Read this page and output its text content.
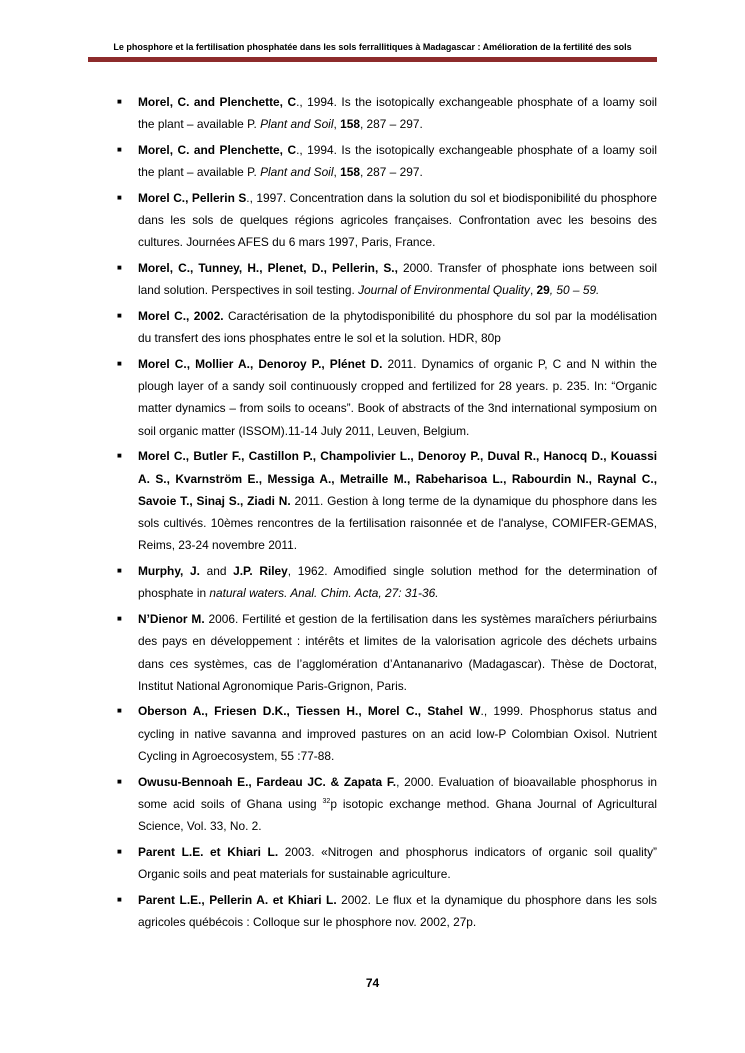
Le phosphore et la fertilisation phosphatée dans les sols ferrallitiques à Madagascar : Amélioration de la fertilité des sols
■ Morel, C. and Plenchette, C., 1994. Is the isotopically exchangeable phosphate of a loamy soil the plant – available P. Plant and Soil, 158, 287 – 297.
■ Morel, C. and Plenchette, C., 1994. Is the isotopically exchangeable phosphate of a loamy soil the plant – available P. Plant and Soil, 158, 287 – 297.
■ Morel C., Pellerin S., 1997. Concentration dans la solution du sol et biodisponibilité du phosphore dans les sols de quelques régions agricoles françaises. Confrontation avec les besoins des cultures. Journées AFES du 6 mars 1997, Paris, France.
■ Morel, C., Tunney, H., Plenet, D., Pellerin, S., 2000. Transfer of phosphate ions between soil land solution. Perspectives in soil testing. Journal of Environmental Quality, 29, 50 – 59.
■ Morel C., 2002. Caractérisation de la phytodisponibilité du phosphore du sol par la modélisation du transfert des ions phosphates entre le sol et la solution. HDR, 80p
■ Morel C., Mollier A., Denoroy P., Plénet D. 2011. Dynamics of organic P, C and N within the plough layer of a sandy soil continuously cropped and fertilized for 28 years. p. 235. In: “Organic matter dynamics – from soils to oceans”. Book of abstracts of the 3nd international symposium on soil organic matter (ISSOM).11-14 July 2011, Leuven, Belgium.
■ Morel C., Butler F., Castillon P., Champolivier L., Denoroy P., Duval R., Hanocq D., Kouassi A. S., Kvarnström E., Messiga A., Metraille M., Rabeharisoa L., Rabourdin N., Raynal C., Savoie T., Sinaj S., Ziadi N. 2011. Gestion à long terme de la dynamique du phosphore dans les sols cultivés. 10èmes rencontres de la fertilisation raisonnée et de l'analyse, COMIFER-GEMAS, Reims, 23-24 novembre 2011.
■ Murphy, J. and J.P. Riley, 1962. Amodified single solution method for the determination of phosphate in natural waters. Anal. Chim. Acta, 27: 31-36.
■ N’Dienor M. 2006. Fertilité et gestion de la fertilisation dans les systèmes maraîchers périurbains des pays en développement : intérêts et limites de la valorisation agricole des déchets urbains dans ces systèmes, cas de l’agglomération d’Antananarivo (Madagascar). Thèse de Doctorat, Institut National Agronomique Paris-Grignon, Paris.
■ Oberson A., Friesen D.K., Tiessen H., Morel C., Stahel W., 1999. Phosphorus status and cycling in native savanna and improved pastures on an acid low-P Colombian Oxisol. Nutrient Cycling in Agroecosystem, 55 :77-88.
■ Owusu-Bennoah E., Fardeau JC. & Zapata F., 2000. Evaluation of bioavailable phosphorus in some acid soils of Ghana using $^{32}$p isotopic exchange method. Ghana Journal of Agricultural Science, Vol. 33, No. 2.
■ Parent L.E. et Khiari L. 2003. «Nitrogen and phosphorus indicators of organic soil quality” Organic soils and peat materials for sustainable agriculture.
■ Parent L.E., Pellerin A. et Khiari L. 2002. Le flux et la dynamique du phosphore dans les sols agricoles québécois : Colloque sur le phosphore nov. 2002, 27p.
74
